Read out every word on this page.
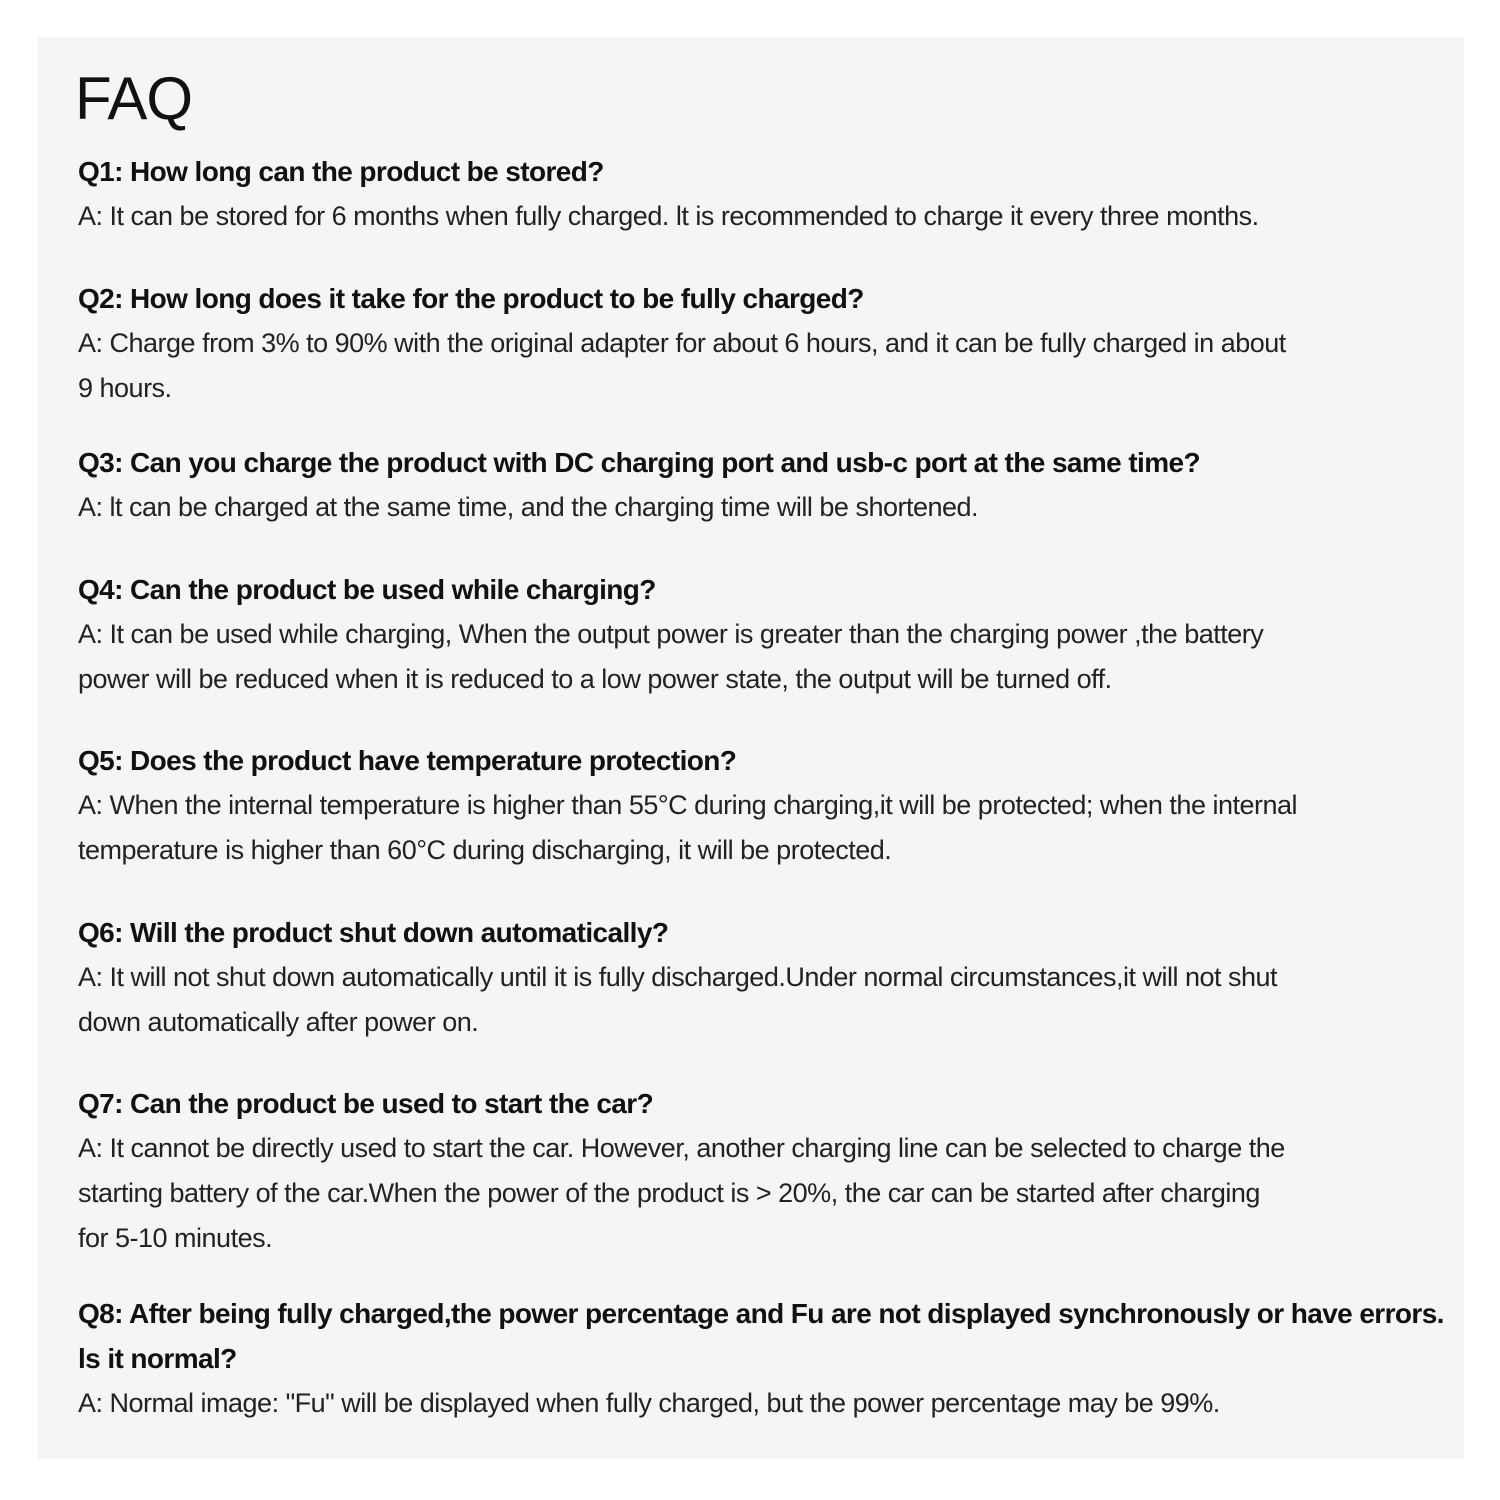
FAQ

Q1: How long can the product be stored?

A: It can be stored for 6 months when fully charged. lt is recommended to charge it every three months.

Q2: How long does it take for the product to be fully charged?

A: Charge from 3% to 90% with the original adapter for about 6 hours, and it can be fully charged in about
9 hours.

Q3: Can you charge the product with DC charging port and usb-c port at the same time?

A: lt can be charged at the same time, and the charging time will be shortened.

Q4: Can the product be used while charging?

A: It can be used while charging, When the output power is greater than the charging power ,the battery
power will be reduced when it is reduced to a low power state, the output will be turned off.

Q5: Does the product have temperature protection?

A: When the internal temperature is higher than 55°C during charging,it will be protected; when the internal
temperature is higher than 60°C during discharging, it will be protected.

Q6: Will the product shut down automatically?

A: It will not shut down automatically until it is fully discharged.Under normal circumstances,it will not shut
down automatically after power on.

Q7: Can the product be used to start the car?

A: It cannot be directly used to start the car. However, another charging line can be selected to charge the
starting battery of the car.When the power of the product is > 20%, the car can be started after charging
for 5-10 minutes.

Q8: After being fully charged,the power percentage and Fu are not displayed synchronously or have errors.
ls it normal?

A: Normal image: "Fu" will be displayed when fully charged, but the power percentage may be 99%.
